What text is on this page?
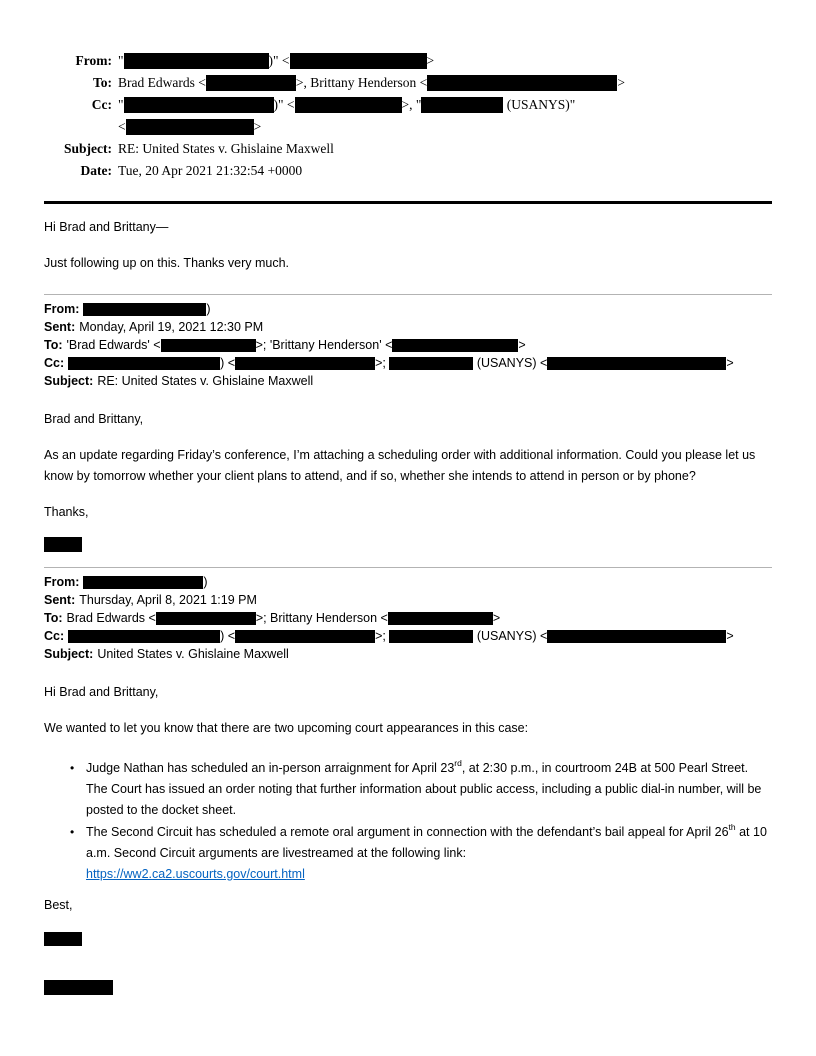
From: "	)" <	>
To: Brad Edwards <	>, Brittany Henderson <	>
Cc: "	)" <	>, "	(USANYS)"
<	>
Subject: RE: United States v. Ghislaine Maxwell
Date: Tue, 20 Apr 2021 21:32:54 +0000

Hi Brad and Brittany—

Just following up on this. Thanks very much.

From:	)
Sent: Monday, April 19, 2021 12:30 PM
To: 'Brad Edwards' <	>; 'Brittany Henderson' <	>
Cc:	) <	>;	(USANYS) <	>
Subject: RE: United States v. Ghislaine Maxwell

Brad and Brittany,

As an update regarding Friday’s conference, I’m attaching a scheduling order with additional information. Could you please let us know by tomorrow whether your client plans to attend, and if so, whether she intends to attend in person or by phone?

Thanks,

From:	)
Sent: Thursday, April 8, 2021 1:19 PM
To: Brad Edwards <	>; Brittany Henderson <	>
Cc:	) <	>;	(USANYS) <	>
Subject: United States v. Ghislaine Maxwell

Hi Brad and Brittany,

We wanted to let you know that there are two upcoming court appearances in this case:

• Judge Nathan has scheduled an in-person arraignment for April 23rd, at 2:30 p.m., in courtroom 24B at 500 Pearl Street. The Court has issued an order noting that further information about public access, including a public dial-in number, will be posted to the docket sheet.
• The Second Circuit has scheduled a remote oral argument in connection with the defendant’s bail appeal for April 26th at 10 a.m. Second Circuit arguments are livestreamed at the following link:
https://ww2.ca2.uscourts.gov/court.html

Best,
